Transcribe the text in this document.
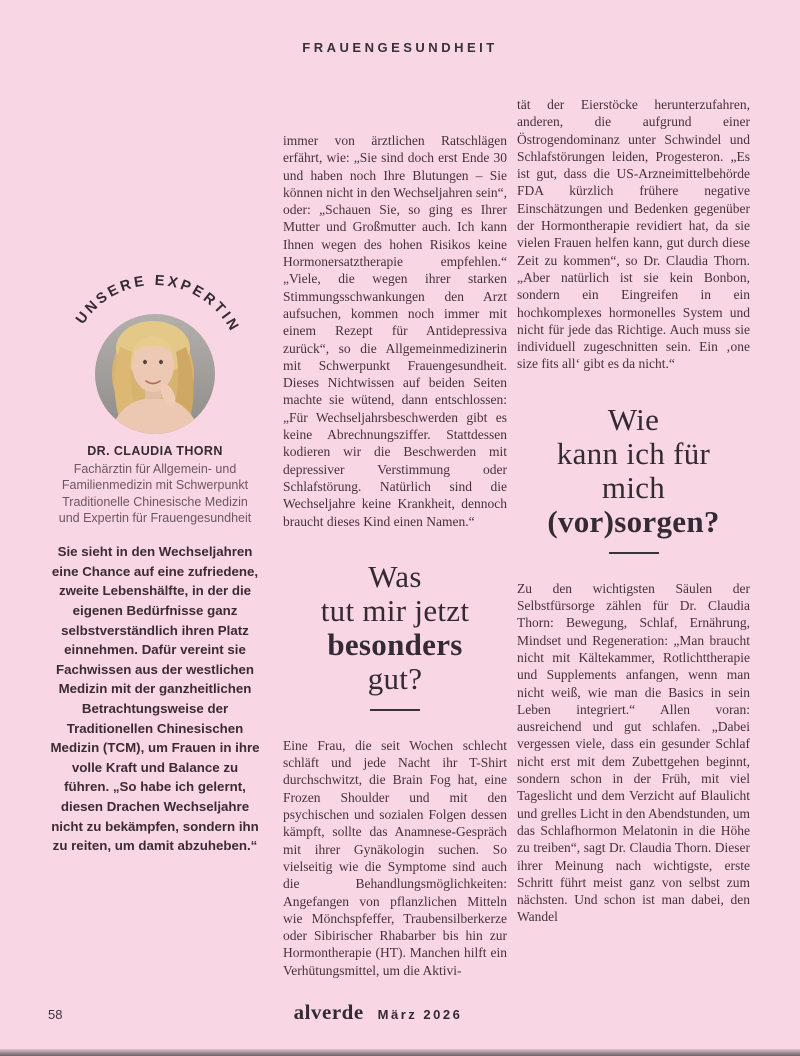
FRAUENGESUNDHEIT
UNSERE EXPERTIN
DR. CLAUDIA THORN
Fachärztin für Allgemein- und Familienmedizin mit Schwerpunkt Traditionelle Chinesische Medizin und Expertin für Frauengesundheit
Sie sieht in den Wechseljahren eine Chance auf eine zufriedene, zweite Lebenshälfte, in der die eigenen Bedürfnisse ganz selbstverständlich ihren Platz einnehmen. Dafür vereint sie Fachwissen aus der westlichen Medizin mit der ganzheitlichen Betrachtungsweise der Traditionellen Chinesischen Medizin (TCM), um Frauen in ihre volle Kraft und Balance zu führen. „So habe ich gelernt, diesen Drachen Wechseljahre nicht zu bekämpfen, sondern ihn zu reiten, um damit abzuheben.“

immer von ärztlichen Ratschlägen erfährt, wie: „Sie sind doch erst Ende 30 und haben noch Ihre Blutungen – Sie können nicht in den Wechseljahren sein“, oder: „Schauen Sie, so ging es Ihrer Mutter und Großmutter auch. Ich kann Ihnen wegen des hohen Risikos keine Hormonersatztherapie empfehlen.“ „Viele, die wegen ihrer starken Stimmungsschwankungen den Arzt aufsuchen, kommen noch immer mit einem Rezept für Antidepressiva zurück“, so die Allgemeinmedizinerin mit Schwerpunkt Frauengesundheit. Dieses Nichtwissen auf beiden Seiten machte sie wütend, dann entschlossen: „Für Wechseljahrsbeschwerden gibt es keine Abrechnungsziffer. Stattdessen kodieren wir die Beschwerden mit depressiver Verstimmung oder Schlafstörung. Natürlich sind die Wechseljahre keine Krankheit, dennoch braucht dieses Kind einen Namen.“

Was
tut mir jetzt
besonders
gut?

Eine Frau, die seit Wochen schlecht schläft und jede Nacht ihr T-Shirt durchschwitzt, die Brain Fog hat, eine Frozen Shoulder und mit den psychischen und sozialen Folgen dessen kämpft, sollte das Anamnese-Gespräch mit ihrer Gynäkologin suchen. So vielseitig wie die Symptome sind auch die Behandlungsmöglichkeiten: Angefangen von pflanzlichen Mitteln wie Mönchspfeffer, Traubensilberkerze oder Sibirischer Rhabarber bis hin zur Hormontherapie (HT). Manchen hilft ein Verhütungsmittel, um die Aktivi-

tät der Eierstöcke herunterzufahren, anderen, die aufgrund einer Östrogendominanz unter Schwindel und Schlafstörungen leiden, Progesteron. „Es ist gut, dass die US-Arzneimittelbehörde FDA kürzlich frühere negative Einschätzungen und Bedenken gegenüber der Hormontherapie revidiert hat, da sie vielen Frauen helfen kann, gut durch diese Zeit zu kommen“, so Dr. Claudia Thorn. „Aber natürlich ist sie kein Bonbon, sondern ein Eingreifen in ein hochkomplexes hormonelles System und nicht für jede das Richtige. Auch muss sie individuell zugeschnitten sein. Ein ‚one size fits all‘ gibt es da nicht.“

Wie
kann ich für
mich
(vor)sorgen?

Zu den wichtigsten Säulen der Selbstfürsorge zählen für Dr. Claudia Thorn: Bewegung, Schlaf, Ernährung, Mindset und Regeneration: „Man braucht nicht mit Kältekammer, Rotlichttherapie und Supplements anfangen, wenn man nicht weiß, wie man die Basics in sein Leben integriert.“ Allen voran: ausreichend und gut schlafen. „Dabei vergessen viele, dass ein gesunder Schlaf nicht erst mit dem Zubettgehen beginnt, sondern schon in der Früh, mit viel Tageslicht und dem Verzicht auf Blaulicht und grelles Licht in den Abendstunden, um das Schlafhormon Melatonin in die Höhe zu treiben“, sagt Dr. Claudia Thorn. Dieser ihrer Meinung nach wichtigste, erste Schritt führt meist ganz von selbst zum nächsten. Und schon ist man dabei, den Wandel

58	alverde März 2026
